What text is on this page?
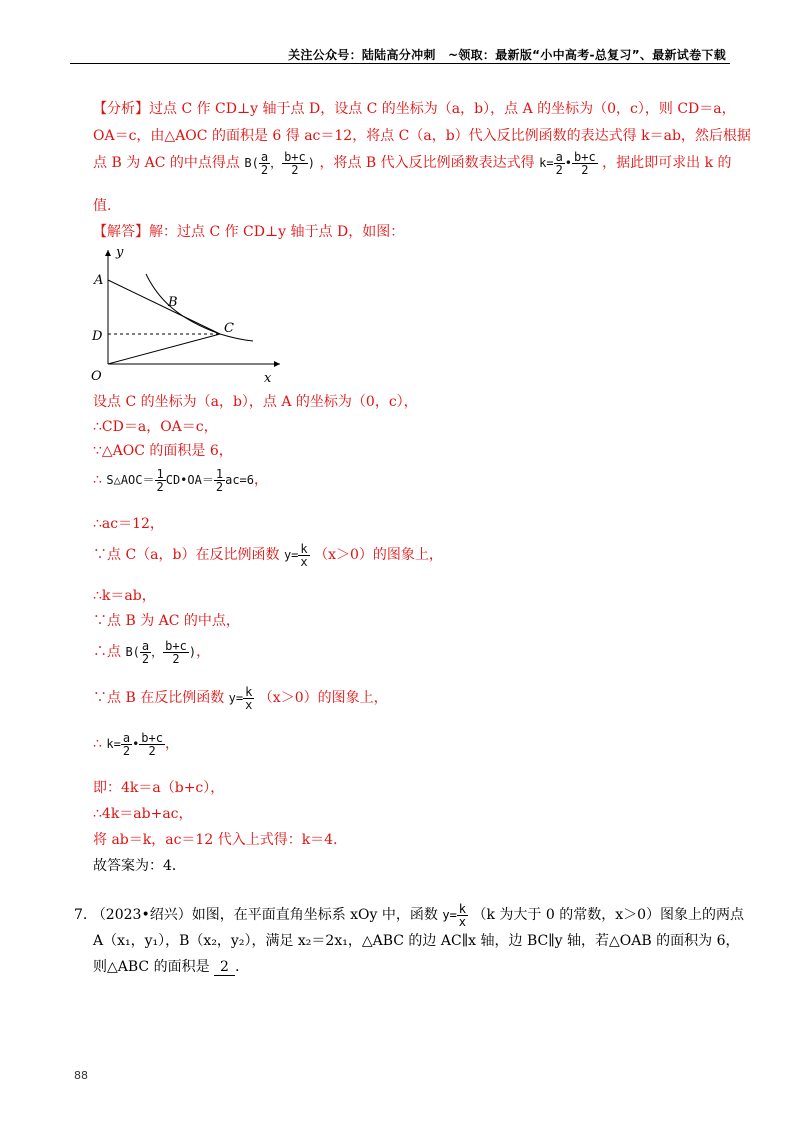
关注公众号：陆陆高分冲刺　~领取：最新版“小中高考-总复习”、最新试卷下载
【分析】过点 C 作 CD⊥y 轴于点 D，设点 C 的坐标为（a，b），点 A 的坐标为（0，c），则 CD＝a，
OA＝c，由△AOC 的面积是 6 得 ac＝12，将点 C（a，b）代入反比例函数的表达式得 k＝ab，然后根据
点 B 为 AC 的中点得点 $B( \frac{a}{2}$ ， $\frac{b+c}{2}$ ) ，将点 B 代入反比例函数表达式得 $k= \frac{a}{2}$ • $\frac{b+c}{2}$ ，据此即可求出 k 的
值.
【解答】解：过点 C 作 CD⊥y 轴于点 D，如图：
y
A
B
C
D
O	x
设点 C 的坐标为（a，b），点 A 的坐标为（0，c），
∴CD＝a，OA＝c，
∵△AOC 的面积是 6，
∴ S△AOC＝ $\frac{1}{2}$ CD•OA＝ $\frac{1}{2} ac=6$，
∴ac＝12，
∵点 C（a，b）在反比例函数 $y= \frac{k}{x} (x>0)$的图象上，
∴k＝ab，
∵点 B 为 AC 的中点，
∴点 $B( \frac{a}{2}$ ， $\frac{b+c}{2}$ )，
∵点 B 在反比例函数 $y= \frac{k}{x} (x>0)$的图象上，
∴ $k= \frac{a}{2}$ • $\frac{b+c}{2}$ ，
即：4k＝a（b+c），
∴4k＝ab+ac，
将 ab＝k，ac＝12 代入上式得：k＝4．
故答案为：4．
7. （2023•绍兴）如图，在平面直角坐标系 xOy 中，函数 $y= \frac{k}{x} (k$ 为大于 0 的常数，x＞0）图象上的两点
A（x₁，y₁），B（x₂，y₂），满足 x₂＝2x₁，△ABC 的边 AC∥x 轴，边 BC∥y 轴，若△OAB 的面积为 6，
则△ABC 的面积是 2 .
88
